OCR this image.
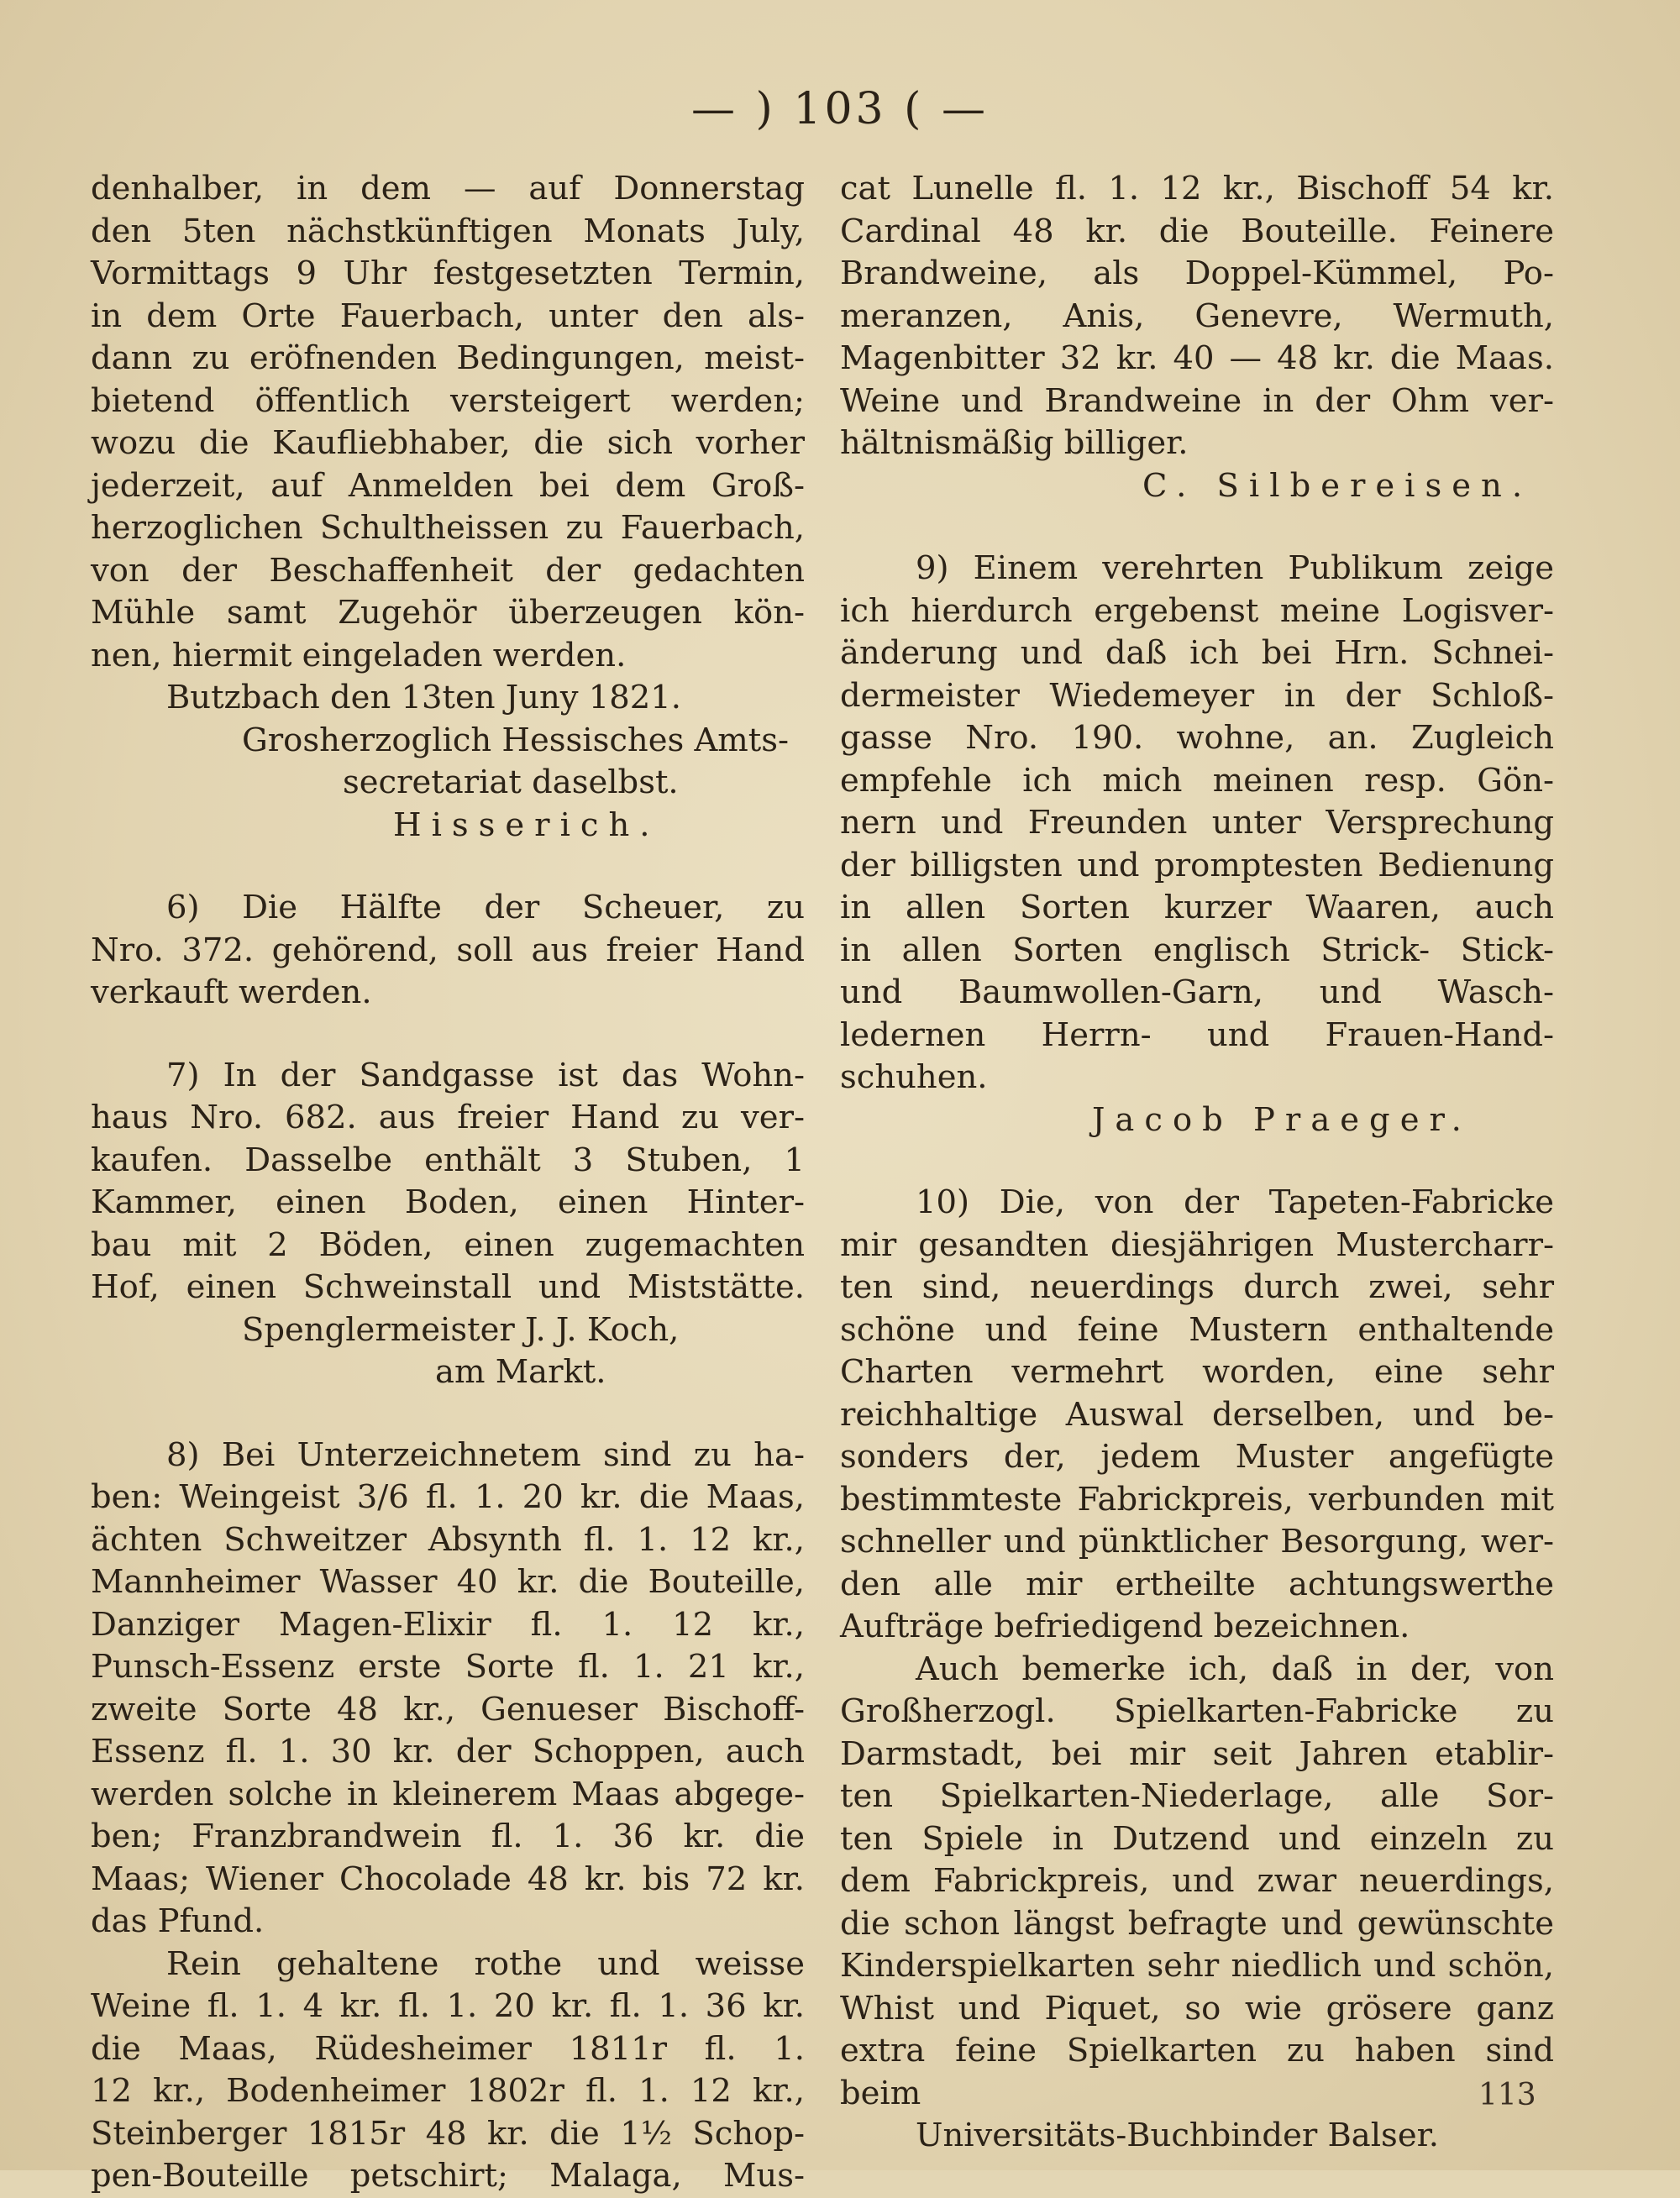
— ) 103 ( —
denhalber, in dem — auf Donnerstag
den 5ten nächstkünftigen Monats July,
Vormittags 9 Uhr festgesetzten Termin,
in dem Orte Fauerbach, unter den als-
dann zu eröfnenden Bedingungen, meist-
bietend öffentlich versteigert werden;
wozu die Kaufliebhaber, die sich vorher
jederzeit, auf Anmelden bei dem Groß-
herzoglichen Schultheissen zu Fauerbach,
von der Beschaffenheit der gedachten
Mühle samt Zugehör überzeugen kön-
nen, hiermit eingeladen werden.
Butzbach den 13ten Juny 1821.
Grosherzoglich Hessisches Amts-
secretariat daselbst.
Hisserich.
6) Die Hälfte der Scheuer, zu
Nro. 372. gehörend, soll aus freier Hand
verkauft werden.
7) In der Sandgasse ist das Wohn-
haus Nro. 682. aus freier Hand zu ver-
kaufen. Dasselbe enthält 3 Stuben, 1
Kammer, einen Boden, einen Hinter-
bau mit 2 Böden, einen zugemachten
Hof, einen Schweinstall und Miststätte.
Spenglermeister J. J. Koch,
am Markt.
8) Bei Unterzeichnetem sind zu ha-
ben: Weingeist 3/6 fl. 1. 20 kr. die Maas,
ächten Schweitzer Absynth fl. 1. 12 kr.,
Mannheimer Wasser 40 kr. die Bouteille,
Danziger Magen-Elixir fl. 1. 12 kr.,
Punsch-Essenz erste Sorte fl. 1. 21 kr.,
zweite Sorte 48 kr., Genueser Bischoff-
Essenz fl. 1. 30 kr. der Schoppen, auch
werden solche in kleinerem Maas abgege-
ben; Franzbrandwein fl. 1. 36 kr. die
Maas; Wiener Chocolade 48 kr. bis 72 kr.
das Pfund.
Rein gehaltene rothe und weisse
Weine fl. 1. 4 kr. fl. 1. 20 kr. fl. 1. 36 kr.
die Maas, Rüdesheimer 1811r fl. 1.
12 kr., Bodenheimer 1802r fl. 1. 12 kr.,
Steinberger 1815r 48 kr. die 1½ Schop-
pen-Bouteille petschirt; Malaga, Mus-
cat Lunelle fl. 1. 12 kr., Bischoff 54 kr.
Cardinal 48 kr. die Bouteille. Feinere
Brandweine, als Doppel-Kümmel, Po-
meranzen, Anis, Genevre, Wermuth,
Magenbitter 32 kr. 40 — 48 kr. die Maas.
Weine und Brandweine in der Ohm ver-
hältnismäßig billiger.
C. Silbereisen.
9) Einem verehrten Publikum zeige
ich hierdurch ergebenst meine Logisver-
änderung und daß ich bei Hrn. Schnei-
dermeister Wiedemeyer in der Schloß-
gasse Nro. 190. wohne, an. Zugleich
empfehle ich mich meinen resp. Gön-
nern und Freunden unter Versprechung
der billigsten und promptesten Bedienung
in allen Sorten kurzer Waaren, auch
in allen Sorten englisch Strick- Stick-
und Baumwollen-Garn, und Wasch-
ledernen Herrn- und Frauen-Hand-
schuhen.
Jacob Praeger.
10) Die, von der Tapeten-Fabricke
mir gesandten diesjährigen Mustercharr-
ten sind, neuerdings durch zwei, sehr
schöne und feine Mustern enthaltende
Charten vermehrt worden, eine sehr
reichhaltige Auswal derselben, und be-
sonders der, jedem Muster angefügte
bestimmteste Fabrickpreis, verbunden mit
schneller und pünktlicher Besorgung, wer-
den alle mir ertheilte achtungswerthe
Aufträge befriedigend bezeichnen.
Auch bemerke ich, daß in der, von
Großherzogl. Spielkarten-Fabricke zu
Darmstadt, bei mir seit Jahren etablir-
ten Spielkarten-Niederlage, alle Sor-
ten Spiele in Dutzend und einzeln zu
dem Fabrickpreis, und zwar neuerdings,
die schon längst befragte und gewünschte
Kinderspielkarten sehr niedlich und schön,
Whist und Piquet, so wie grösere ganz
extra feine Spielkarten zu haben sind
beim
Universitäts-Buchbinder Balser.
113
